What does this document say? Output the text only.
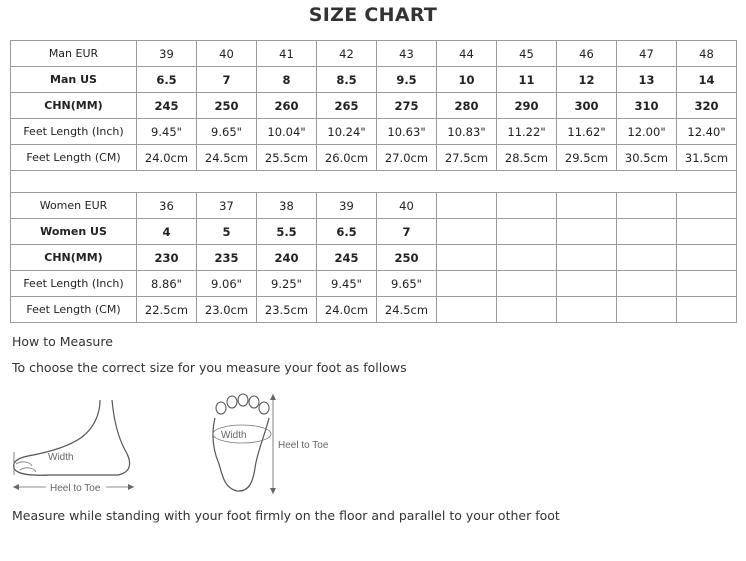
SIZE CHART
Man EUR	39	40	41	42	43	44	45	46	47	48
Man US	6.5	7	8	8.5	9.5	10	11	12	13	14
CHN(MM)	245	250	260	265	275	280	290	300	310	320
Feet Length (Inch)	9.45"	9.65"	10.04"	10.24"	10.63"	10.83"	11.22"	11.62"	12.00"	12.40"
Feet Length (CM)	24.0cm	24.5cm	25.5cm	26.0cm	27.0cm	27.5cm	28.5cm	29.5cm	30.5cm	31.5cm

Women EUR	36	37	38	39	40					
Women US	4	5	5.5	6.5	7					
CHN(MM)	230	235	240	245	250					
Feet Length (Inch)	8.86"	9.06"	9.25"	9.45"	9.65"					
Feet Length (CM)	22.5cm	23.0cm	23.5cm	24.0cm	24.5cm					
How to Measure
To choose the correct size for you measure your foot as follows
Width
Heel to Toe
Width
Heel to Toe
Measure while standing with your foot firmly on the floor and parallel to your other foot
